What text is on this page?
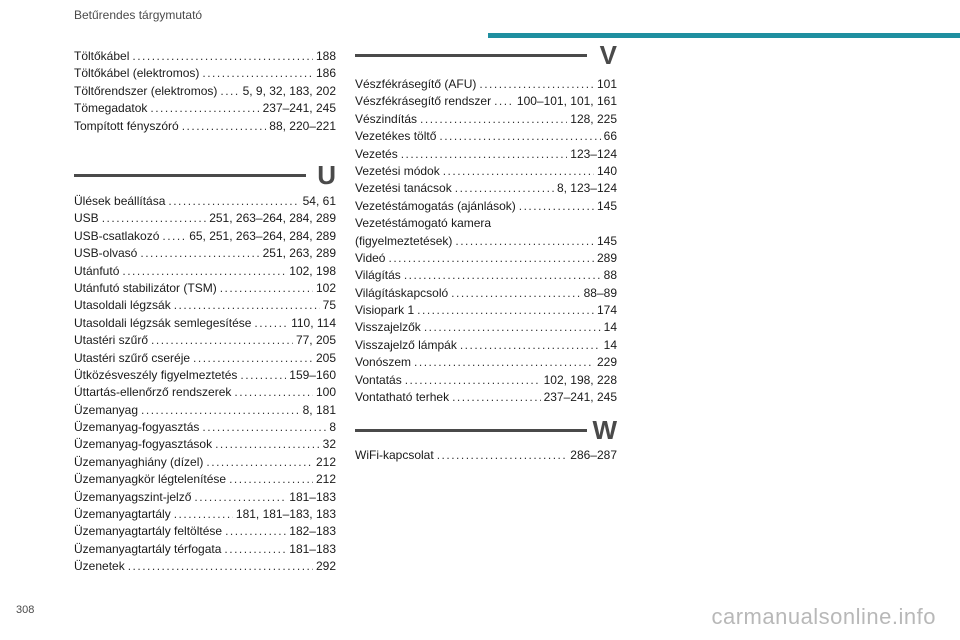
Betűrendes tárgymutató
Töltőkábel .....	188
Töltőkábel (elektromos) .....	186
Töltőrendszer (elektromos) ..... 5, 9, 32, 183, 202
Tömegadatok .....	237–241, 245
Tompított fényszóró .....	88, 220–221
U
Ülések beállítása .....	54, 61
USB .....	251, 263–264, 284, 289
USB-csatlakozó ..... 65, 251, 263–264, 284, 289
USB-olvasó .....	251, 263, 289
Utánfutó .....	102, 198
Utánfutó stabilizátor (TSM) .....	102
Utasoldali légzsák .....	75
Utasoldali légzsák semlegesítése .....	110, 114
Utastéri szűrő .....	77, 205
Utastéri szűrő cseréje .....	205
Ütközésveszély figyelmeztetés .....	159–160
Úttartás-ellenőrző rendszerek .....	100
Üzemanyag .....	8, 181
Üzemanyag-fogyasztás .....	8
Üzemanyag-fogyasztások .....	32
Üzemanyaghiány (dízel) .....	212
Üzemanyagkör légtelenítése .....	212
Üzemanyagszint-jelző .....	181–183
Üzemanyagtartály .....	181, 181–183, 183
Üzemanyagtartály feltöltése .....	182–183
Üzemanyagtartály térfogata .....	181–183
Üzenetek .....	292
V
Vészfékrásegítő (AFU) .....	101
Vészfékrásegítő rendszer ..... 100–101, 101, 161
Vészindítás .....	128, 225
Vezetékes töltő .....	66
Vezetés .....	123–124
Vezetési módok .....	140
Vezetési tanácsok .....	8, 123–124
Vezetéstámogatás (ajánlások) .....	145
Vezetéstámogató kamera
(figyelmeztetések) .....	145
Videó .....	289
Világítás .....	88
Világításkapcsoló .....	88–89
Visiopark 1 .....	174
Visszajelzők .....	14
Visszajelző lámpák .....	14
Vonószem .....	229
Vontatás .....	102, 198, 228
Vontatható terhek .....	237–241, 245
W
WiFi-kapcsolat .....	286–287
308	carmanualsonline.info
